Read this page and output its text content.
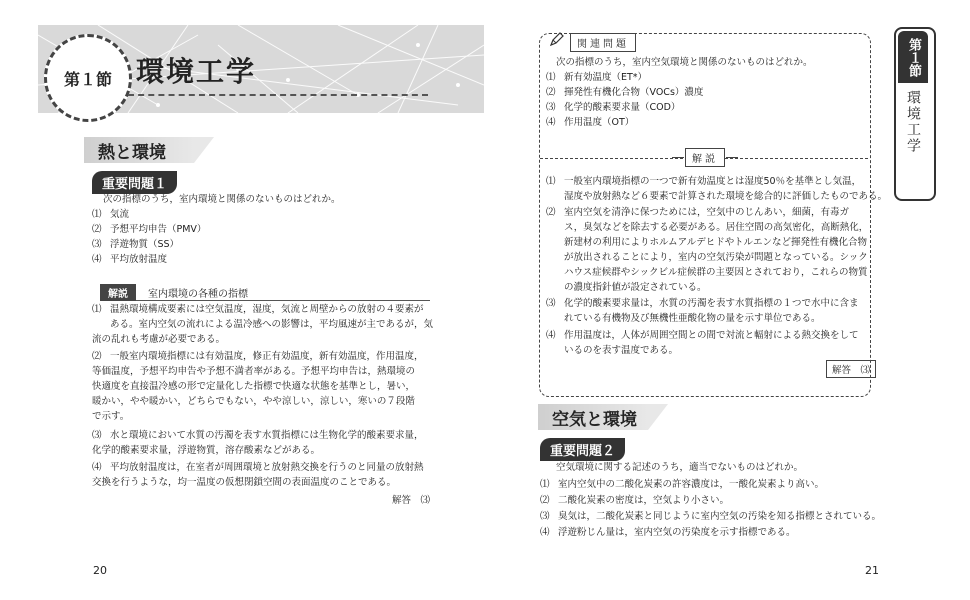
第１節 環境工学
熱と環境
重要問題１
次の指標のうち，室内環境と関係のないものはどれか。
⑴ 気流
⑵ 予想平均申告（PMV）
⑶ 浮遊物質（SS）
⑷ 平均放射温度
解説	室内環境の各種の指標
⑴ 温熱環境構成要素には空気温度，湿度，気流と周壁からの放射の４要素が
ある。室内空気の流れによる温冷感への影響は，平均風速が主であるが，気
流の乱れも考慮が必要である。
⑵ 一般室内環境指標には有効温度，修正有効温度，新有効温度，作用温度，
等価温度，予想平均申告や予想不満者率がある。予想平均申告は，熱環境の
快適度を直接温冷感の形で定量化した指標で快適な状態を基準とし，暑い，
暖かい，やや暖かい，どちらでもない，やや涼しい，涼しい，寒いの７段階
で示す。
⑶ 水と環境において水質の汚濁を表す水質指標には生物化学的酸素要求量，
化学的酸素要求量，浮遊物質，溶存酸素などがある。
⑷ 平均放射温度は，在室者が周囲環境と放射熱交換を行うのと同量の放射熱
交換を行うような，均一温度の仮想閉鎖空間の表面温度のことである。
解答　⑶
20
関連問題
次の指標のうち，室内空気環境と関係のないものはどれか。
⑴ 新有効温度（ET*）
⑵ 揮発性有機化合物（VOCs）濃度
⑶ 化学的酸素要求量（COD）
⑷ 作用温度（OT）
解説
⑴ 一般室内環境指標の一つで新有効温度とは湿度50％を基準とし気温，
湿度や放射熱など６要素で計算された環境を総合的に評価したものである。
⑵ 室内空気を清浄に保つためには，空気中のじんあい，細菌，有毒ガ
ス，臭気などを除去する必要がある。居住空間の高気密化，高断熱化，
新建材の利用によりホルムアルデヒドやトルエンなど揮発性有機化合物
が放出されることにより，室内の空気汚染が問題となっている。シック
ハウス症候群やシックビル症候群の主要因とされており，これらの物質
の濃度指針値が設定されている。
⑶ 化学的酸素要求量は，水質の汚濁を表す水質指標の１つで水中に含ま
れている有機物及び無機性亜酸化物の量を示す単位である。
⑷ 作用温度は，人体が周囲空間との間で対流と輻射による熱交換をして
いるのを表す温度である。
解答　⑶
空気と環境
重要問題２
空気環境に関する記述のうち，適当でないものはどれか。
⑴ 室内空気中の二酸化炭素の許容濃度は，一酸化炭素より高い。
⑵ 二酸化炭素の密度は，空気より小さい。
⑶ 臭気は，二酸化炭素と同じように室内空気の汚染を知る指標とされている。
⑷ 浮遊粉じん量は，室内空気の汚染度を示す指標である。
第１節
環境工学
21
